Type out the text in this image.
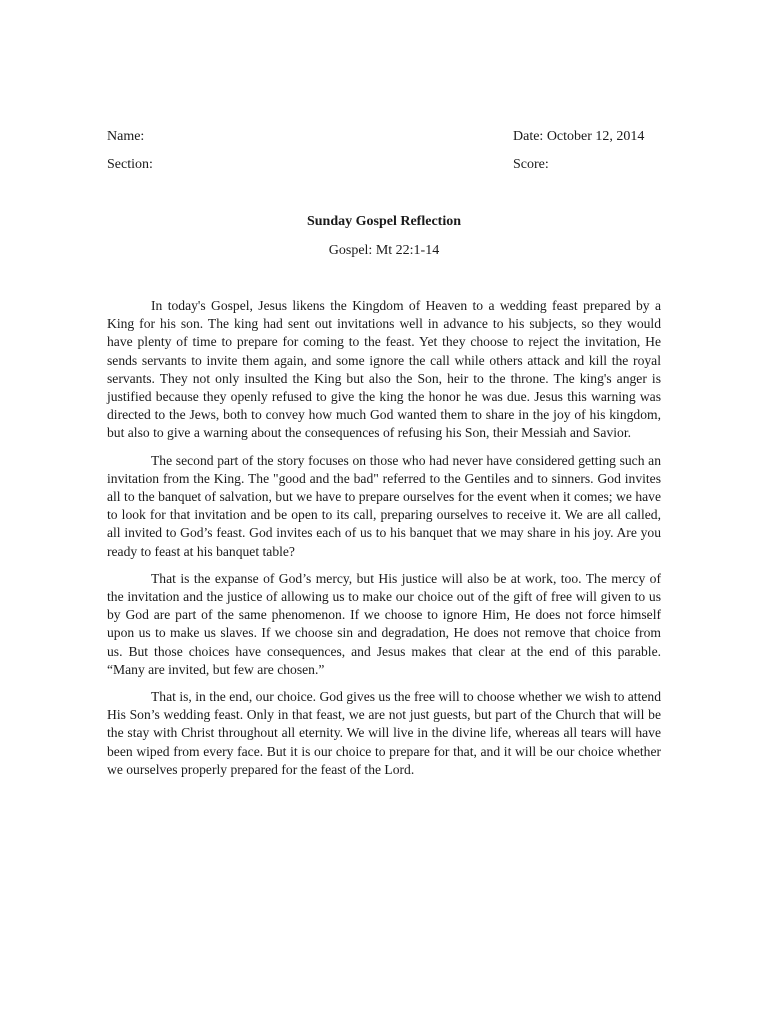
Name:	Date: October 12, 2014
Section:	Score:
Sunday Gospel Reflection
Gospel: Mt 22:1-14

In today's Gospel, Jesus likens the Kingdom of Heaven to a wedding feast prepared by a King for his son. The king had sent out invitations well in advance to his subjects, so they would have plenty of time to prepare for coming to the feast. Yet they choose to reject the invitation, He sends servants to invite them again, and some ignore the call while others attack and kill the royal servants. They not only insulted the King but also the Son, heir to the throne. The king's anger is justified because they openly refused to give the king the honor he was due. Jesus this warning was directed to the Jews, both to convey how much God wanted them to share in the joy of his kingdom, but also to give a warning about the consequences of refusing his Son, their Messiah and Savior.

The second part of the story focuses on those who had never have considered getting such an invitation from the King. The "good and the bad" referred to the Gentiles and to sinners. God invites all to the banquet of salvation, but we have to prepare ourselves for the event when it comes; we have to look for that invitation and be open to its call, preparing ourselves to receive it. We are all called, all invited to God’s feast. God invites each of us to his banquet that we may share in his joy. Are you ready to feast at his banquet table?

That is the expanse of God’s mercy, but His justice will also be at work, too. The mercy of the invitation and the justice of allowing us to make our choice out of the gift of free will given to us by God are part of the same phenomenon. If we choose to ignore Him, He does not force himself upon us to make us slaves. If we choose sin and degradation, He does not remove that choice from us. But those choices have consequences, and Jesus makes that clear at the end of this parable. “Many are invited, but few are chosen.”

That is, in the end, our choice. God gives us the free will to choose whether we wish to attend His Son’s wedding feast. Only in that feast, we are not just guests, but part of the Church that will be the stay with Christ throughout all eternity. We will live in the divine life, whereas all tears will have been wiped from every face. But it is our choice to prepare for that, and it will be our choice whether we ourselves properly prepared for the feast of the Lord.
